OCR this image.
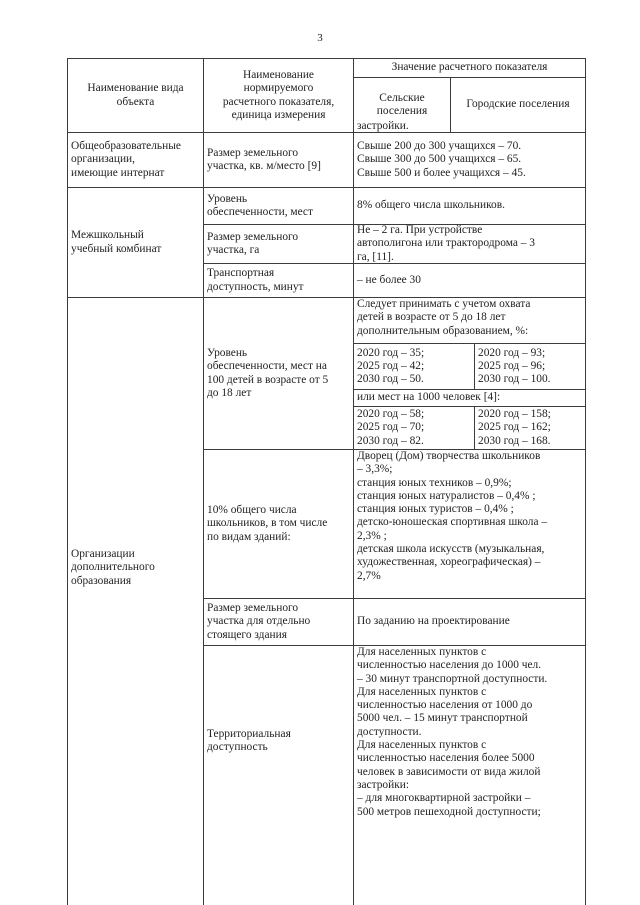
3
Наименование вида
объекта
Наименование
нормируемого
расчетного показателя,
единица измерения
Значение расчетного показателя
Сельские
поселения
Городские поселения
застройки.
Общеобразовательные
организации,
имеющие интернат
Размер земельного
участка, кв. м/место [9]
Свыше 200 до 300 учащихся – 70.
Свыше 300 до 500 учащихся – 65.
Свыше 500 и более учащихся – 45.
Межшкольный
учебный комбинат
Уровень
обеспеченности, мест
8% общего числа школьников.
Размер земельного
участка, га
Не – 2 га. При устройстве
автополигона или трактородрома – 3
га, [11].
Транспортная
доступность, минут
– не более 30
Организации
дополнительного
образования
Уровень
обеспеченности, мест на
100 детей в возрасте от 5
до 18 лет
Следует принимать с учетом охвата
детей в возрасте от 5 до 18 лет
дополнительным образованием, %:
2020 год – 35;
2025 год – 42;
2030 год – 50.
2020 год – 93;
2025 год – 96;
2030 год – 100.
или мест на 1000 человек [4]:
2020 год – 58;
2025 год – 70;
2030 год – 82.
2020 год – 158;
2025 год – 162;
2030 год – 168.
10% общего числа
школьников, в том числе
по видам зданий:
Дворец (Дом) творчества школьников
– 3,3%;
станция юных техников – 0,9%;
станция юных натуралистов – 0,4% ;
станция юных туристов – 0,4% ;
детско-юношеская спортивная школа –
2,3% ;
детская школа искусств (музыкальная,
художественная, хореографическая) –
2,7%
Размер земельного
участка для отдельно
стоящего здания
По заданию на проектирование
Территориальная
доступность
Для населенных пунктов с
численностью населения до 1000 чел.
– 30 минут транспортной доступности.
Для населенных пунктов с
численностью населения от 1000 до
5000 чел. – 15 минут транспортной
доступности.
Для населенных пунктов с
численностью населения более 5000
человек в зависимости от вида жилой
застройки:
– для многоквартирной застройки –
500 метров пешеходной доступности;
